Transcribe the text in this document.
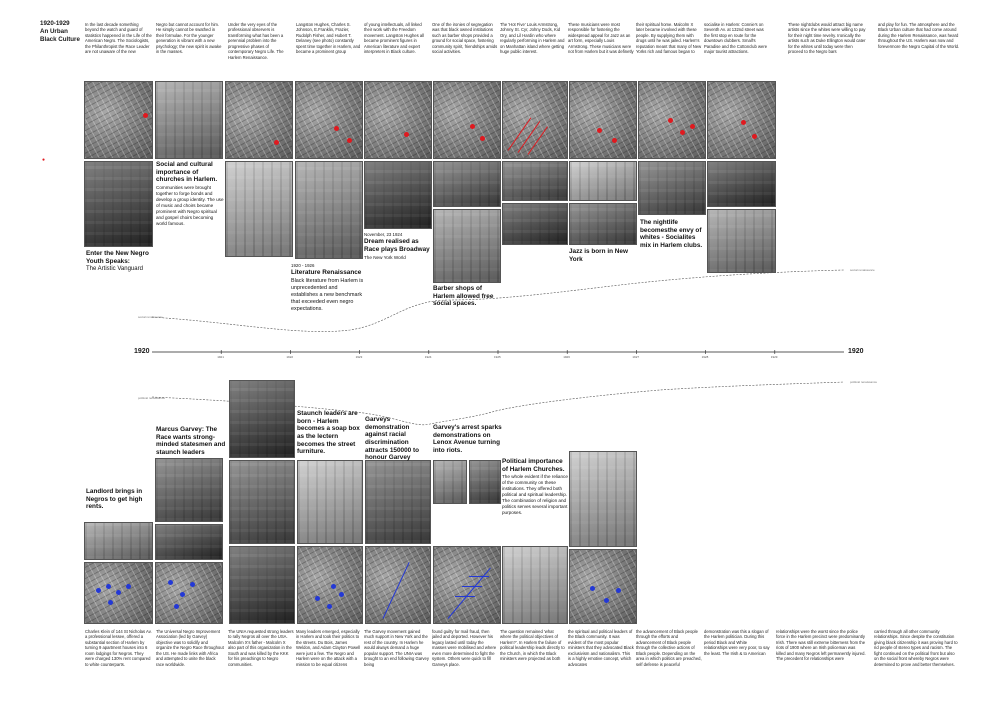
1920-1929
An Urban Black Culture
●
In the last decade something beyond the watch and guard of statistics happened in the Life of the American Negro. The Sociologists, the Philanthropist the Race Leader are not unaware of the new
Negro but cannot account for him. He simply cannot be swathed in their formulae. For the younger generation is vibrant with a new psychology; the new spirit is awake in the masses.
Under the very eyes of the professional observers is transforming what has been a perennial problem into the progressive phases of contemporary Negro Life. The Harlem Renaissance.
Langston Hughes, Charles S. Johnson, E.Franklin, Frazier, Rudolph Fisher, and Hubert T. Delaney (see photo) constantly spent time together in Harlem, and became a prominent group
of young intellectuals, all linked their work with the Freedom movement. Langston Hughes all became prominent figures in American literature and expert interpreters in Black culture.
One of the ironies of segregation was that black owned institutions such as barber shops provided a ground for social space, fostering community spirit, friendships amids social activities.
The 'Hot Five' Louis Armstrong, Johnny St. Cyr, Johny Dods, Kid Ory, and Lil Hardin who where regularly performing in Harlem and on Manhattan island where getting huge public interest.
These musicians were most responsible for fostering the widespread appeal for Jazz as an art form, especially Louis Armstrong. These musicians were not from Harlem but it was definetly
their spiritual home. Malcolm X later became involved with these people. By supplying them with drugs until he was jailed. Harlem's reputation meant that many of New Yorks rich and famous began to
socialise in Harlem: Connie's on Seventh Av. at 132nd street was the first stop en route for the downtown clubbers. Small's Paradise and the Cottonclub were major tourist attractions.
These nightclubs would attract big name artists since the whites were willing to pay for their night time revelry. Ironically the artists such as Duke Ellington would cater for the whites until today were then proceed to the Negro bars
and play for fun. The atmosphere and the Black Urban culture that had come around during the Harlem Renaissance, was heard throughout the US. Harlem was now and forevermore the Negro Capital of the World.
Enter the New Negro Youth Speaks:
The Artistic Vanguard
Social and cultural importance of churches in Harlem.
Communities were brought together to forge bonds and develop a group identity. The use of music and choirs became prominent with Negro spiritual and gospel choirs becoming world famous.
1920 - 1926
Literature Renaissance
Black literature from Harlem is unprecedented and establishes a new benchmark that exceeded even negro expectations.
November, 23 1924
Dream realised as Race plays Broadway
The New York World
Barber shops of Harlem allowed free social spaces.
Jazz is born in New York
The nightlife becomesthe envy of whites - Socialites mix in Harlem clubs.
1921	1922	1923	1924	1925	1926	1927	1928	1929
social renaissance
social renaissance
political renaissance
political renaissance
1920	1920
Landlord brings in Negros to get high rents.
Marcus Garvey: The Race wants strong-minded statesmen and staunch leaders
Staunch leaders are born - Harlem becomes a soap box as the lectern becomes the street furniture.
Garveys demonstration against racial discrimination attracts 150000 to honour Garvey
Garvey's arrest sparks demonstrations on Lenox Avenue turning into riots.
Political importance of Harlem Churches.
The whole evident if the reliance of the community on these institutions. They offered both political and spiritual leadership. The combination of religion and politics serves several important purposes.
Charles Klein of 144 St Nicholas Av. a professional lessee, offered a substantial section of Harlem by turning 9 apartment houses into 6 room lodgings for Negros. They were charged 130% rent compared to white counterparts.
The Universal Negro Improvement Association (led by Garvey) objective was to solidify and organize the Negro Race throughout the US. He made links with Africa and attempted to unite the black race worldwide.
The UNIA requested strong leaders to rally Negros all over the USA. Malcolm X's father - Malcolm X also part of this organization in the South and was killed by the KKK for his preachings to Negro communities.
Many leaders emerged, especially in Harlem and took their politics to the streets. Du Bois, James Weldon, and Adam Clayton Powell were just a few. The Negro and Harlem were on the attack with a mission to be equal citizens
The Garvey movement gained much support in New York and the rest of the country. In Harlem he would always demand a huge popular support. The UNIA was brought to an end following Garvey being
found guilty for mail fraud, then jailed and deported. However his legacy lasted until today the masses were mobilised and where even more determined to fight the system. Others were quick to fill Garveys place.
The question remained 'what where the political objectives of Harlem?'. In Harlem the failure of political leadership leads directly to the Church, in which the Black ministers were projected as both
the spiritual and political leaders of the Black community. It was evident of the most popular ministers that they advocated Black exclusivism and nationalism. This is a highly emotive concept, which advocates
the advancement of Black people through the efforts and advancement of Black people through the collective actions of Black people. Depending on the area in which politics are preached, self defense is peaceful
demonstration was this a slogan of the Harlem politician. During this period Black and White relationships were very poor, to say the least. The Irish & to American
relationships were the worst since the police force in the Harlem precinct were predominantly Irish. There was still extreme bitterness from the riots of 1900 where an Irish policeman was killed and many Negros left permanently injured. The precedent for relationships were
carried through all other community relationships. Since despite the constitution giving black citizenship it was proving hard to rid people of stereo types and racism. The fight continued on the political front but also on the social front whereby Negros were determined to prove and better themselves.
